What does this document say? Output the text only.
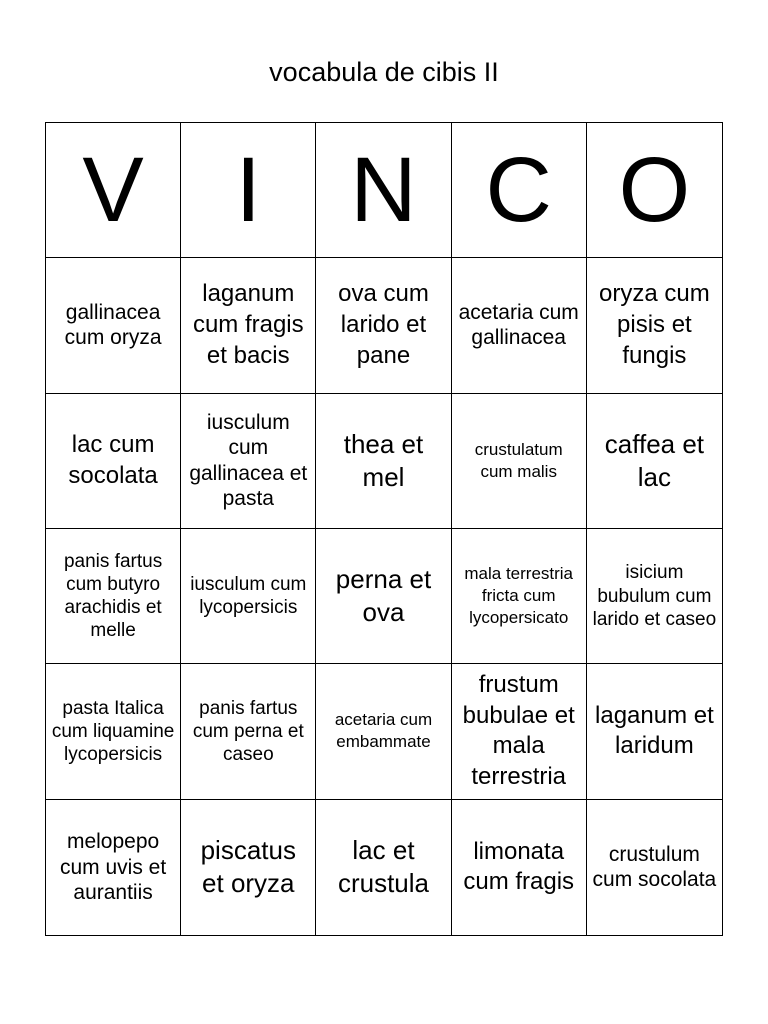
vocabula de cibis II
V I N C O
gallinacea cum oryza
laganum cum fragis et bacis
ova cum larido et pane
acetaria cum gallinacea
oryza cum pisis et fungis
lac cum socolata
iusculum cum gallinacea et pasta
thea et mel
crustulatum cum malis
caffea et lac
panis fartus cum butyro arachidis et melle
iusculum cum lycopersicis
perna et ova
mala terrestria fricta cum lycopersicato
isicium bubulum cum larido et caseo
pasta Italica cum liquamine lycopersicis
panis fartus cum perna et caseo
acetaria cum embammate
frustum bubulae et mala terrestria
laganum et laridum
melopepo cum uvis et aurantiis
piscatus et oryza
lac et crustula
limonata cum fragis
crustulum cum socolata
